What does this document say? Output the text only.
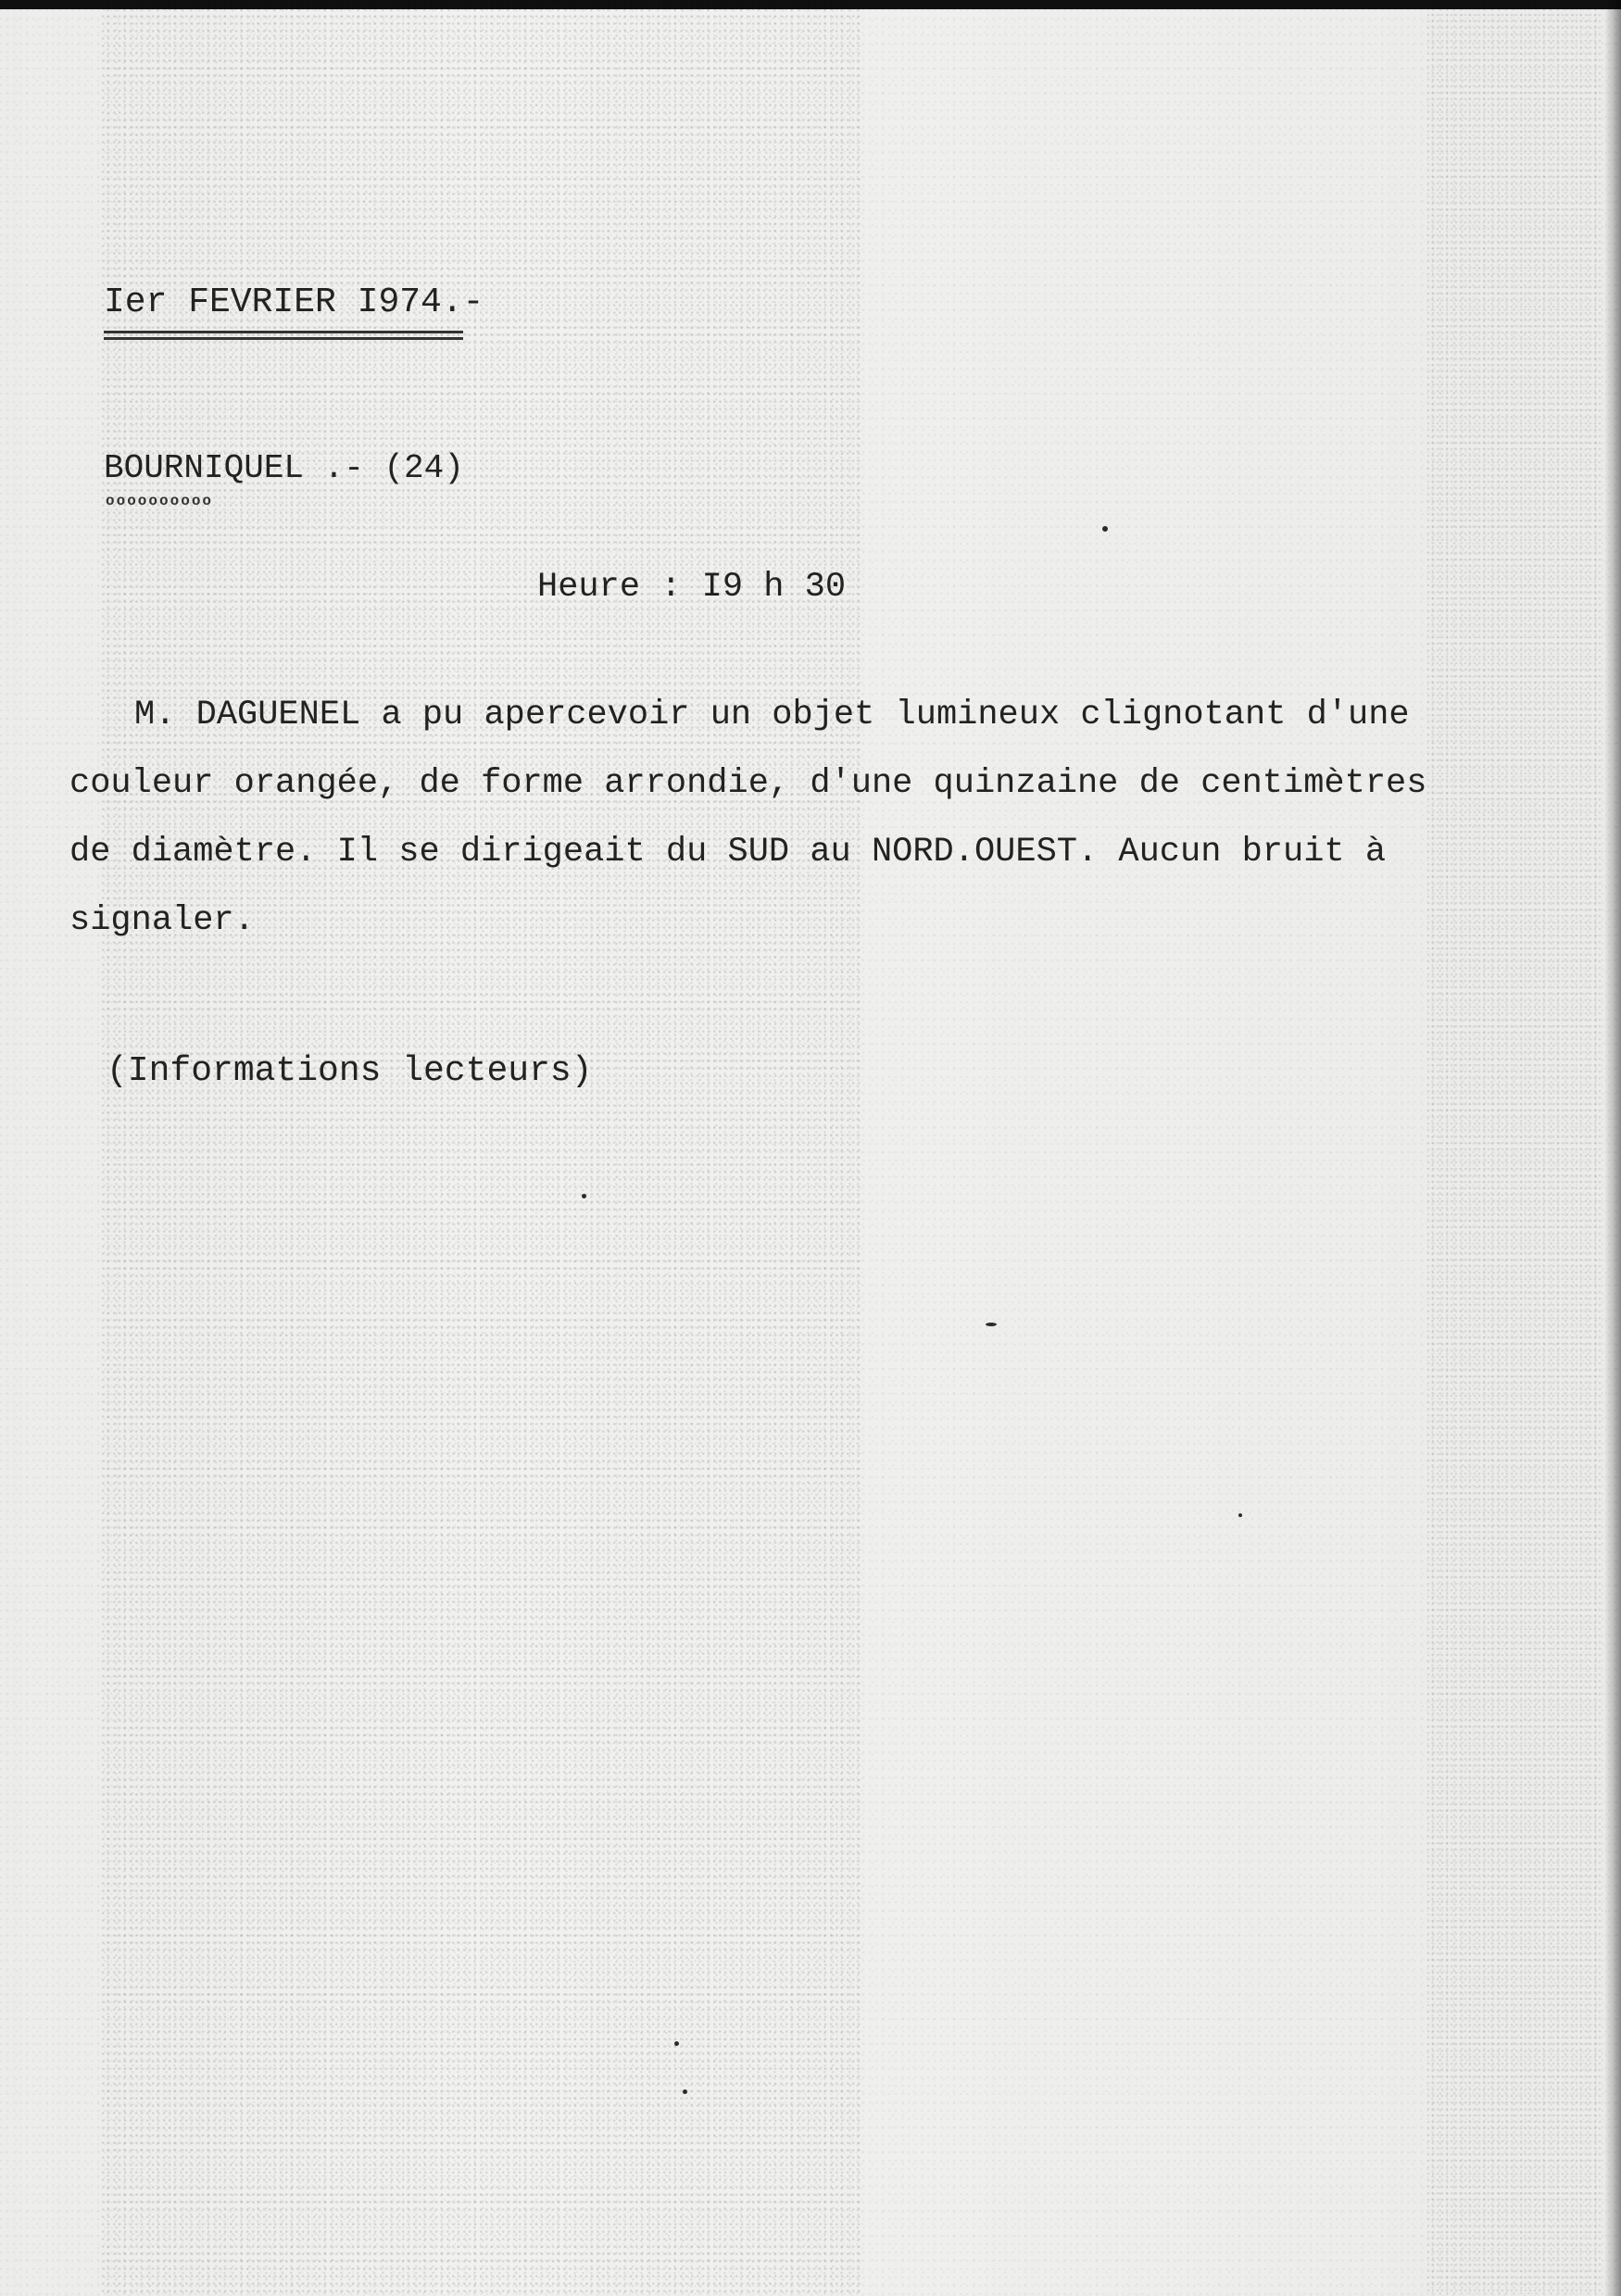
Ier FEVRIER I974.-
BOURNIQUEL .- (24)
oooooooooo
Heure : I9 h 30
M. DAGUENEL a pu apercevoir un objet lumineux clignotant d'une
couleur orangée, de forme arrondie, d'une quinzaine de centimètres
de diamètre. Il se dirigeait du SUD au NORD.OUEST. Aucun bruit à
signaler.
(Informations lecteurs)
